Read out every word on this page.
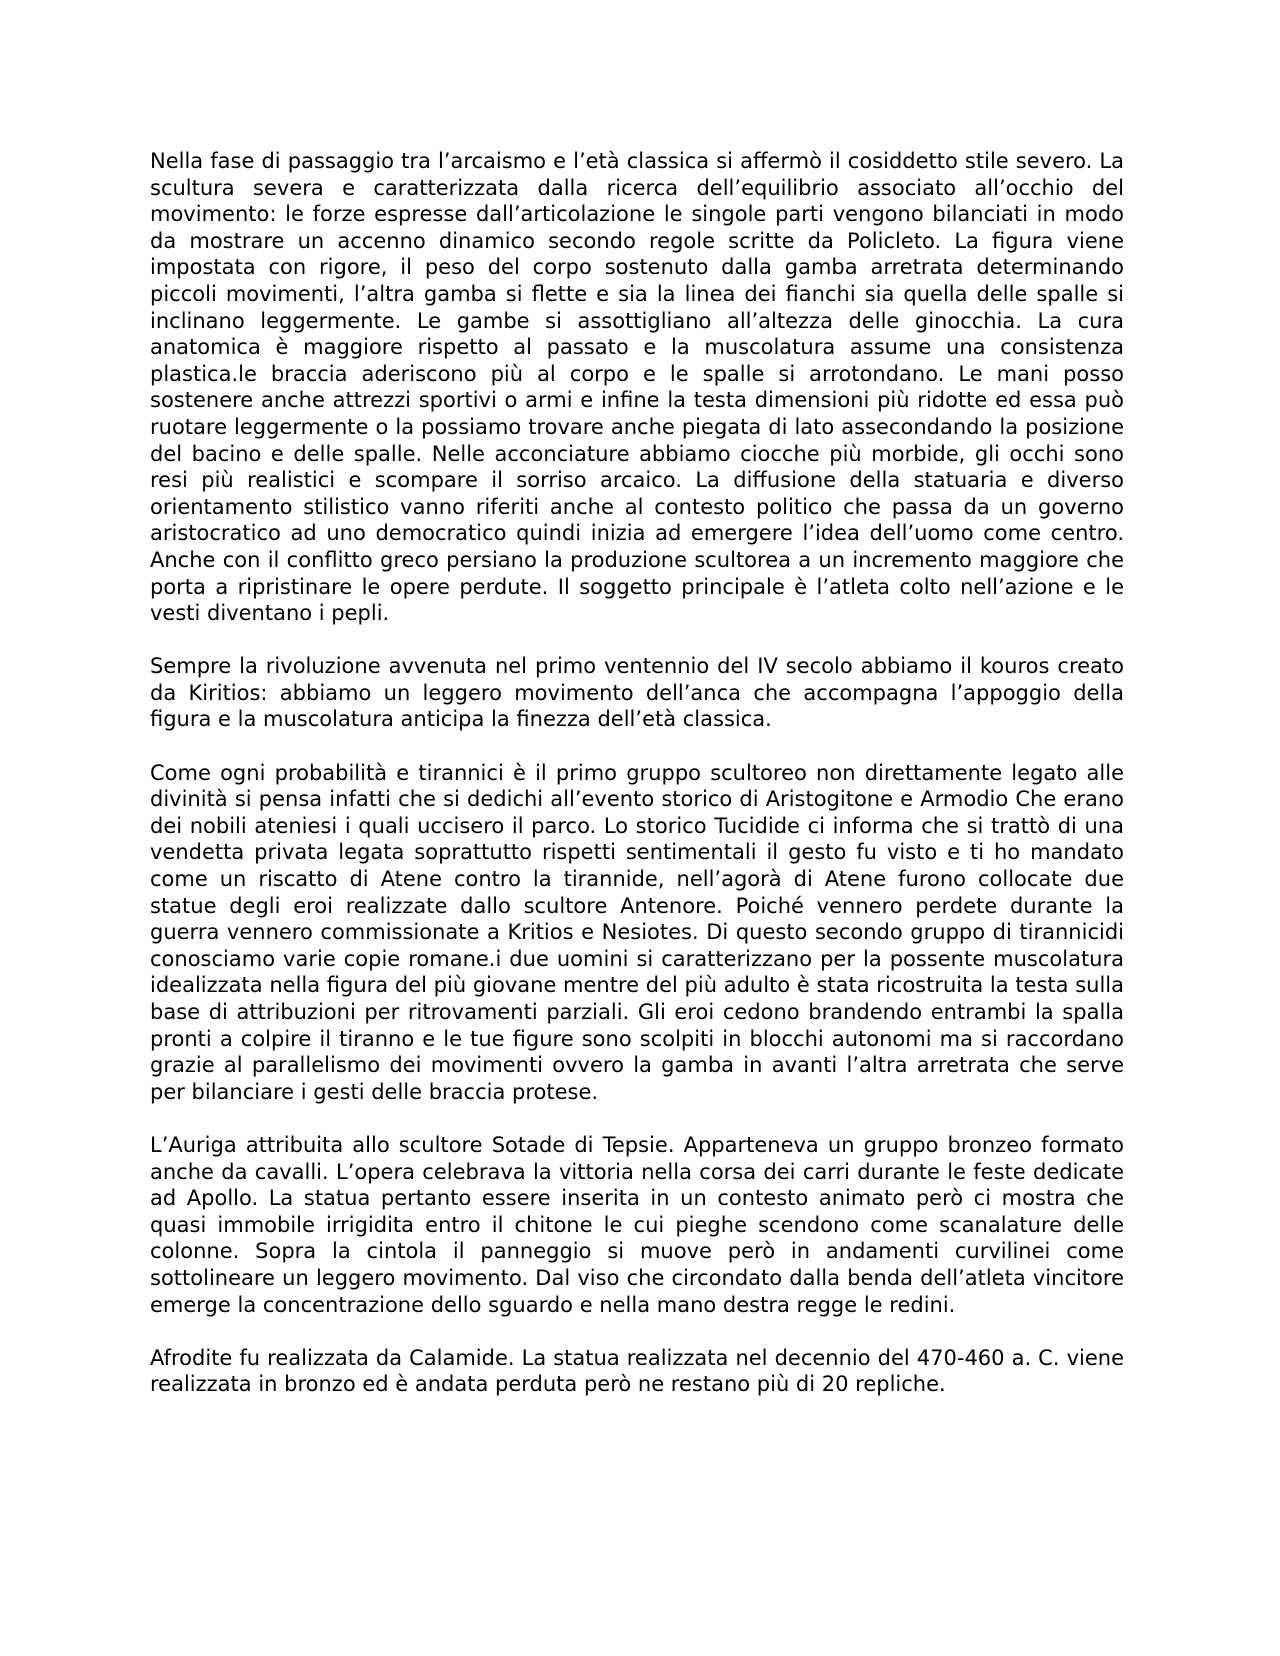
Nella fase di passaggio tra l’arcaismo e l’età classica si affermò il cosiddetto stile severo. La scultura severa e caratterizzata dalla ricerca dell’equilibrio associato all’occhio del movimento: le forze espresse dall’articolazione le singole parti vengono bilanciati in modo da mostrare un accenno dinamico secondo regole scritte da Policleto. La figura viene impostata con rigore, il peso del corpo sostenuto dalla gamba arretrata determinando piccoli movimenti, l’altra gamba si flette e sia la linea dei fianchi sia quella delle spalle si inclinano leggermente. Le gambe si assottigliano all’altezza delle ginocchia. La cura anatomica è maggiore rispetto al passato e la muscolatura assume una consistenza plastica.le braccia aderiscono più al corpo e le spalle si arrotondano. Le mani posso sostenere anche attrezzi sportivi o armi e infine la testa dimensioni più ridotte ed essa può ruotare leggermente o la possiamo trovare anche piegata di lato assecondando la posizione del bacino e delle spalle. Nelle acconciature abbiamo ciocche più morbide, gli occhi sono resi più realistici e scompare il sorriso arcaico. La diffusione della statuaria e diverso orientamento stilistico vanno riferiti anche al contesto politico che passa da un governo aristocratico ad uno democratico quindi inizia ad emergere l’idea dell’uomo come centro. Anche con il conflitto greco persiano la produzione scultorea a un incremento maggiore che porta a ripristinare le opere perdute. Il soggetto principale è l’atleta colto nell’azione e le vesti diventano i pepli.

Sempre la rivoluzione avvenuta nel primo ventennio del IV secolo abbiamo il kouros creato da Kiritios: abbiamo un leggero movimento dell’anca che accompagna l’appoggio della figura e la muscolatura anticipa la finezza dell’età classica.

Come ogni probabilità e tirannici è il primo gruppo scultoreo non direttamente legato alle divinità si pensa infatti che si dedichi all’evento storico di Aristogitone e Armodio Che erano dei nobili ateniesi i quali uccisero il parco. Lo storico Tucidide ci informa che si trattò di una vendetta privata legata soprattutto rispetti sentimentali il gesto fu visto e ti ho mandato come un riscatto di Atene contro la tirannide, nell’agorà di Atene furono collocate due statue degli eroi realizzate dallo scultore Antenore. Poiché vennero perdete durante la guerra vennero commissionate a Kritios e Nesiotes. Di questo secondo gruppo di tirannicidi conosciamo varie copie romane.i due uomini si caratterizzano per la possente muscolatura idealizzata nella figura del più giovane mentre del più adulto è stata ricostruita la testa sulla base di attribuzioni per ritrovamenti parziali. Gli eroi cedono brandendo entrambi la spalla pronti a colpire il tiranno e le tue figure sono scolpiti in blocchi autonomi ma si raccordano grazie al parallelismo dei movimenti ovvero la gamba in avanti l’altra arretrata che serve per bilanciare i gesti delle braccia protese.

L’Auriga attribuita allo scultore Sotade di Tepsie. Apparteneva un gruppo bronzeo formato anche da cavalli. L’opera celebrava la vittoria nella corsa dei carri durante le feste dedicate ad Apollo. La statua pertanto essere inserita in un contesto animato però ci mostra che quasi immobile irrigidita entro il chitone le cui pieghe scendono come scanalature delle colonne. Sopra la cintola il panneggio si muove però in andamenti curvilinei come sottolineare un leggero movimento. Dal viso che circondato dalla benda dell’atleta vincitore emerge la concentrazione dello sguardo e nella mano destra regge le redini.

Afrodite fu realizzata da Calamide. La statua realizzata nel decennio del 470-460 a. C. viene realizzata in bronzo ed è andata perduta però ne restano più di 20 repliche.
